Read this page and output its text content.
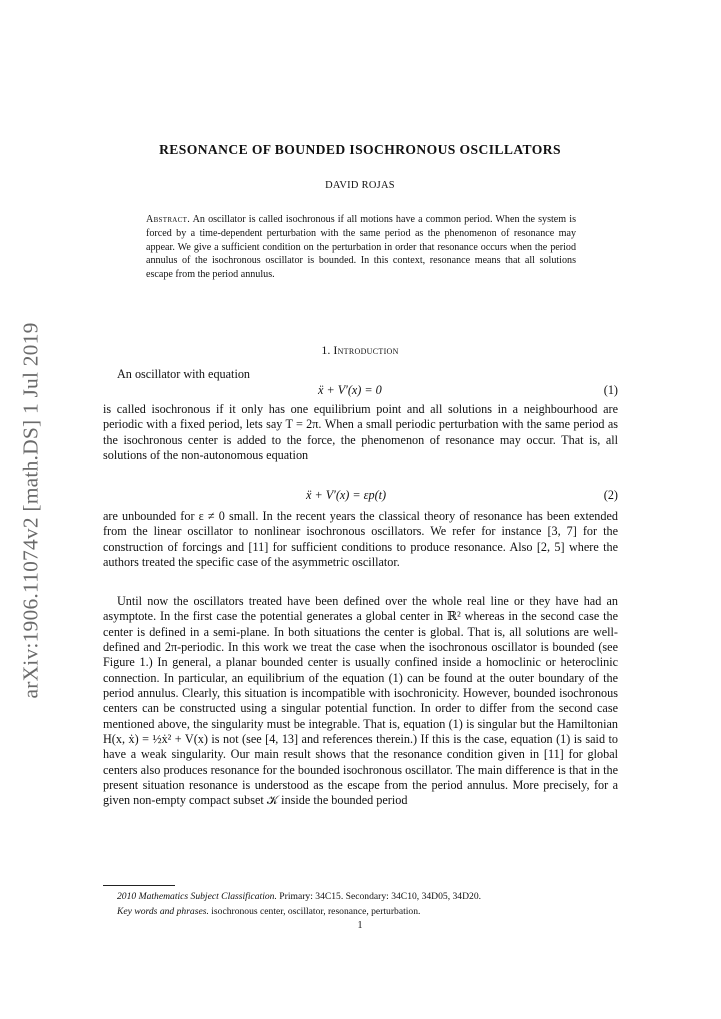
arXiv:1906.11074v2 [math.DS] 1 Jul 2019
RESONANCE OF BOUNDED ISOCHRONOUS OSCILLATORS
DAVID ROJAS
Abstract. An oscillator is called isochronous if all motions have a common period. When the system is forced by a time-dependent perturbation with the same period as the phenomenon of resonance may appear. We give a sufficient condition on the perturbation in order that resonance occurs when the period annulus of the isochronous oscillator is bounded. In this context, resonance means that all solutions escape from the period annulus.
1. Introduction
An oscillator with equation
ẍ + V′(x) = 0	(1)

is called isochronous if it only has one equilibrium point and all solutions in a neighbourhood are periodic with a fixed period, lets say T = 2π. When a small periodic perturbation with the same period as the isochronous center is added to the force, the phenomenon of resonance may occur. That is, all solutions of the non-autonomous equation

ẍ + V′(x) = εp(t)	(2)

are unbounded for ε ≠ 0 small. In the recent years the classical theory of resonance has been extended from the linear oscillator to nonlinear isochronous oscillators. We refer for instance [3, 7] for the construction of forcings and [11] for sufficient conditions to produce resonance. Also [2, 5] where the authors treated the specific case of the asymmetric oscillator.

Until now the oscillators treated have been defined over the whole real line or they have had an asymptote. In the first case the potential generates a global center in ℝ² whereas in the second case the center is defined in a semi-plane. In both situations the center is global. That is, all solutions are well-defined and 2π-periodic. In this work we treat the case when the isochronous oscillator is bounded (see Figure 1.) In general, a planar bounded center is usually confined inside a homoclinic or heteroclinic connection. In particular, an equilibrium of the equation (1) can be found at the outer boundary of the period annulus. Clearly, this situation is incompatible with isochronicity. However, bounded isochronous centers can be constructed using a singular potential function. In order to differ from the second case mentioned above, the singularity must be integrable. That is, equation (1) is singular but the Hamiltonian H(x, ẋ) = ½ẋ² + V(x) is not (see [4, 13] and references therein.) If this is the case, equation (1) is said to have a weak singularity. Our main result shows that the resonance condition given in [11] for global centers also produces resonance for the bounded isochronous oscillator. The main difference is that in the present situation resonance is understood as the escape from the period annulus. More precisely, for a given non-empty compact subset 𝒦 inside the bounded period

2010 Mathematics Subject Classification. Primary: 34C15. Secondary: 34C10, 34D05, 34D20.
Key words and phrases. isochronous center, oscillator, resonance, perturbation.
1
